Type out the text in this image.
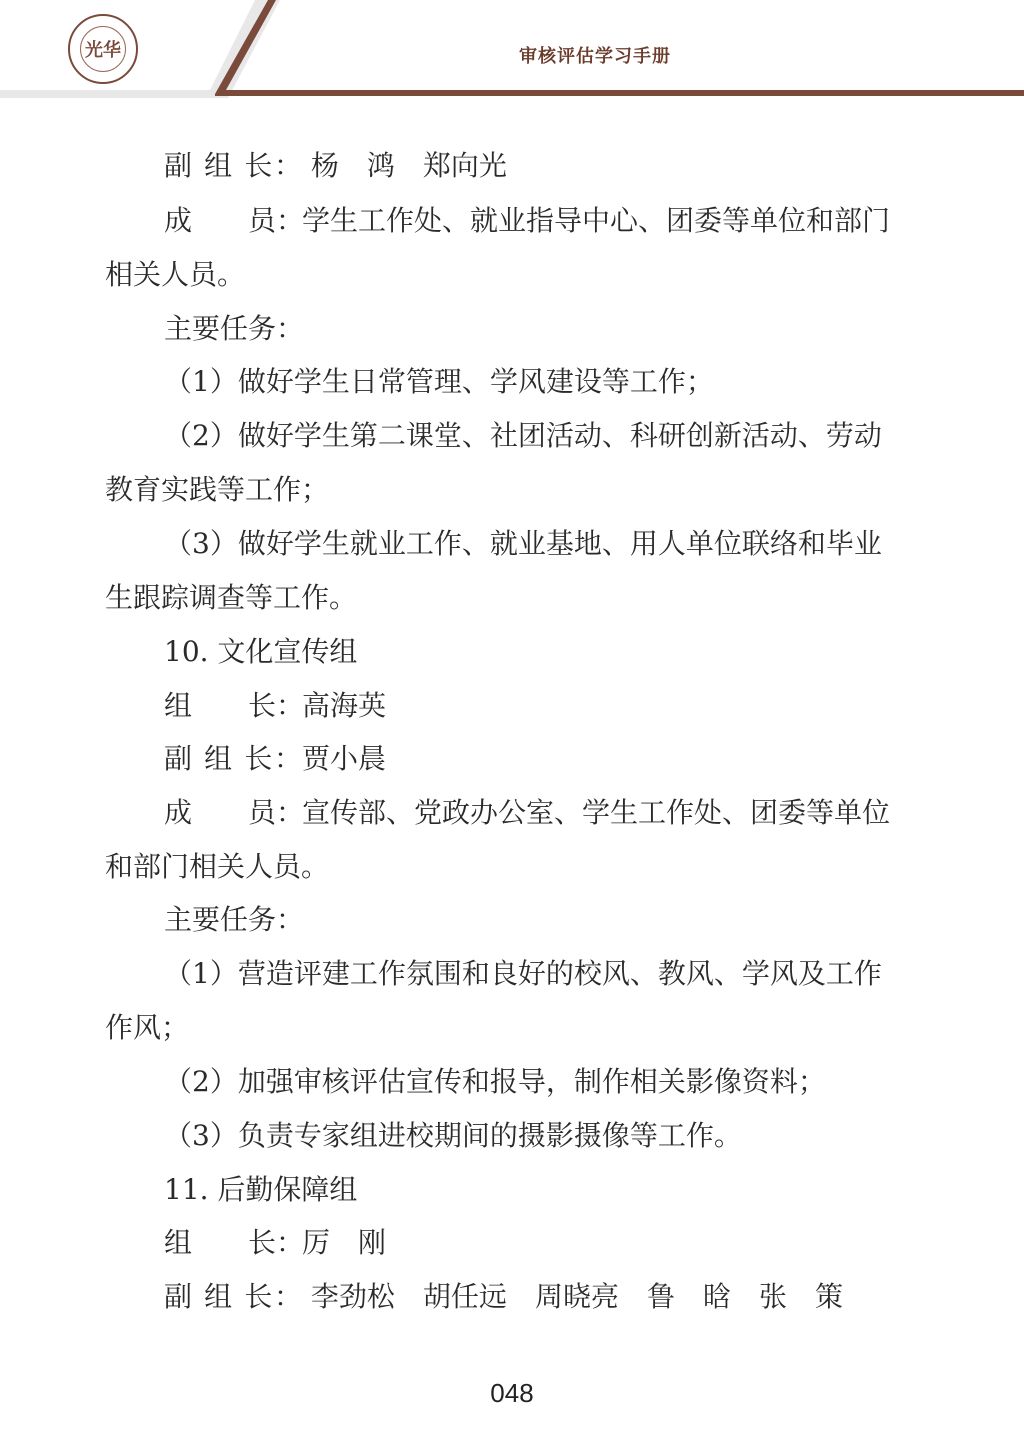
光华	审核评估学习手册
副 组 长： 杨　鸿 郑向光
成　　员：学生工作处、就业指导中心、团委等单位和部门
相关人员。
主要任务：
（1）做好学生日常管理、学风建设等工作；
（2）做好学生第二课堂、社团活动、科研创新活动、劳动
教育实践等工作；
（3）做好学生就业工作、就业基地、用人单位联络和毕业
生跟踪调查等工作。
10. 文化宣传组
组　　长：高海英
副 组 长：贾小晨
成　　员：宣传部、党政办公室、学生工作处、团委等单位
和部门相关人员。
主要任务：
（1）营造评建工作氛围和良好的校风、教风、学风及工作
作风；
（2）加强审核评估宣传和报导，制作相关影像资料；
（3）负责专家组进校期间的摄影摄像等工作。
11. 后勤保障组
组　　长：厉　刚
副 组 长： 李劲松 胡任远 周晓亮 鲁　晗 张　策
048
